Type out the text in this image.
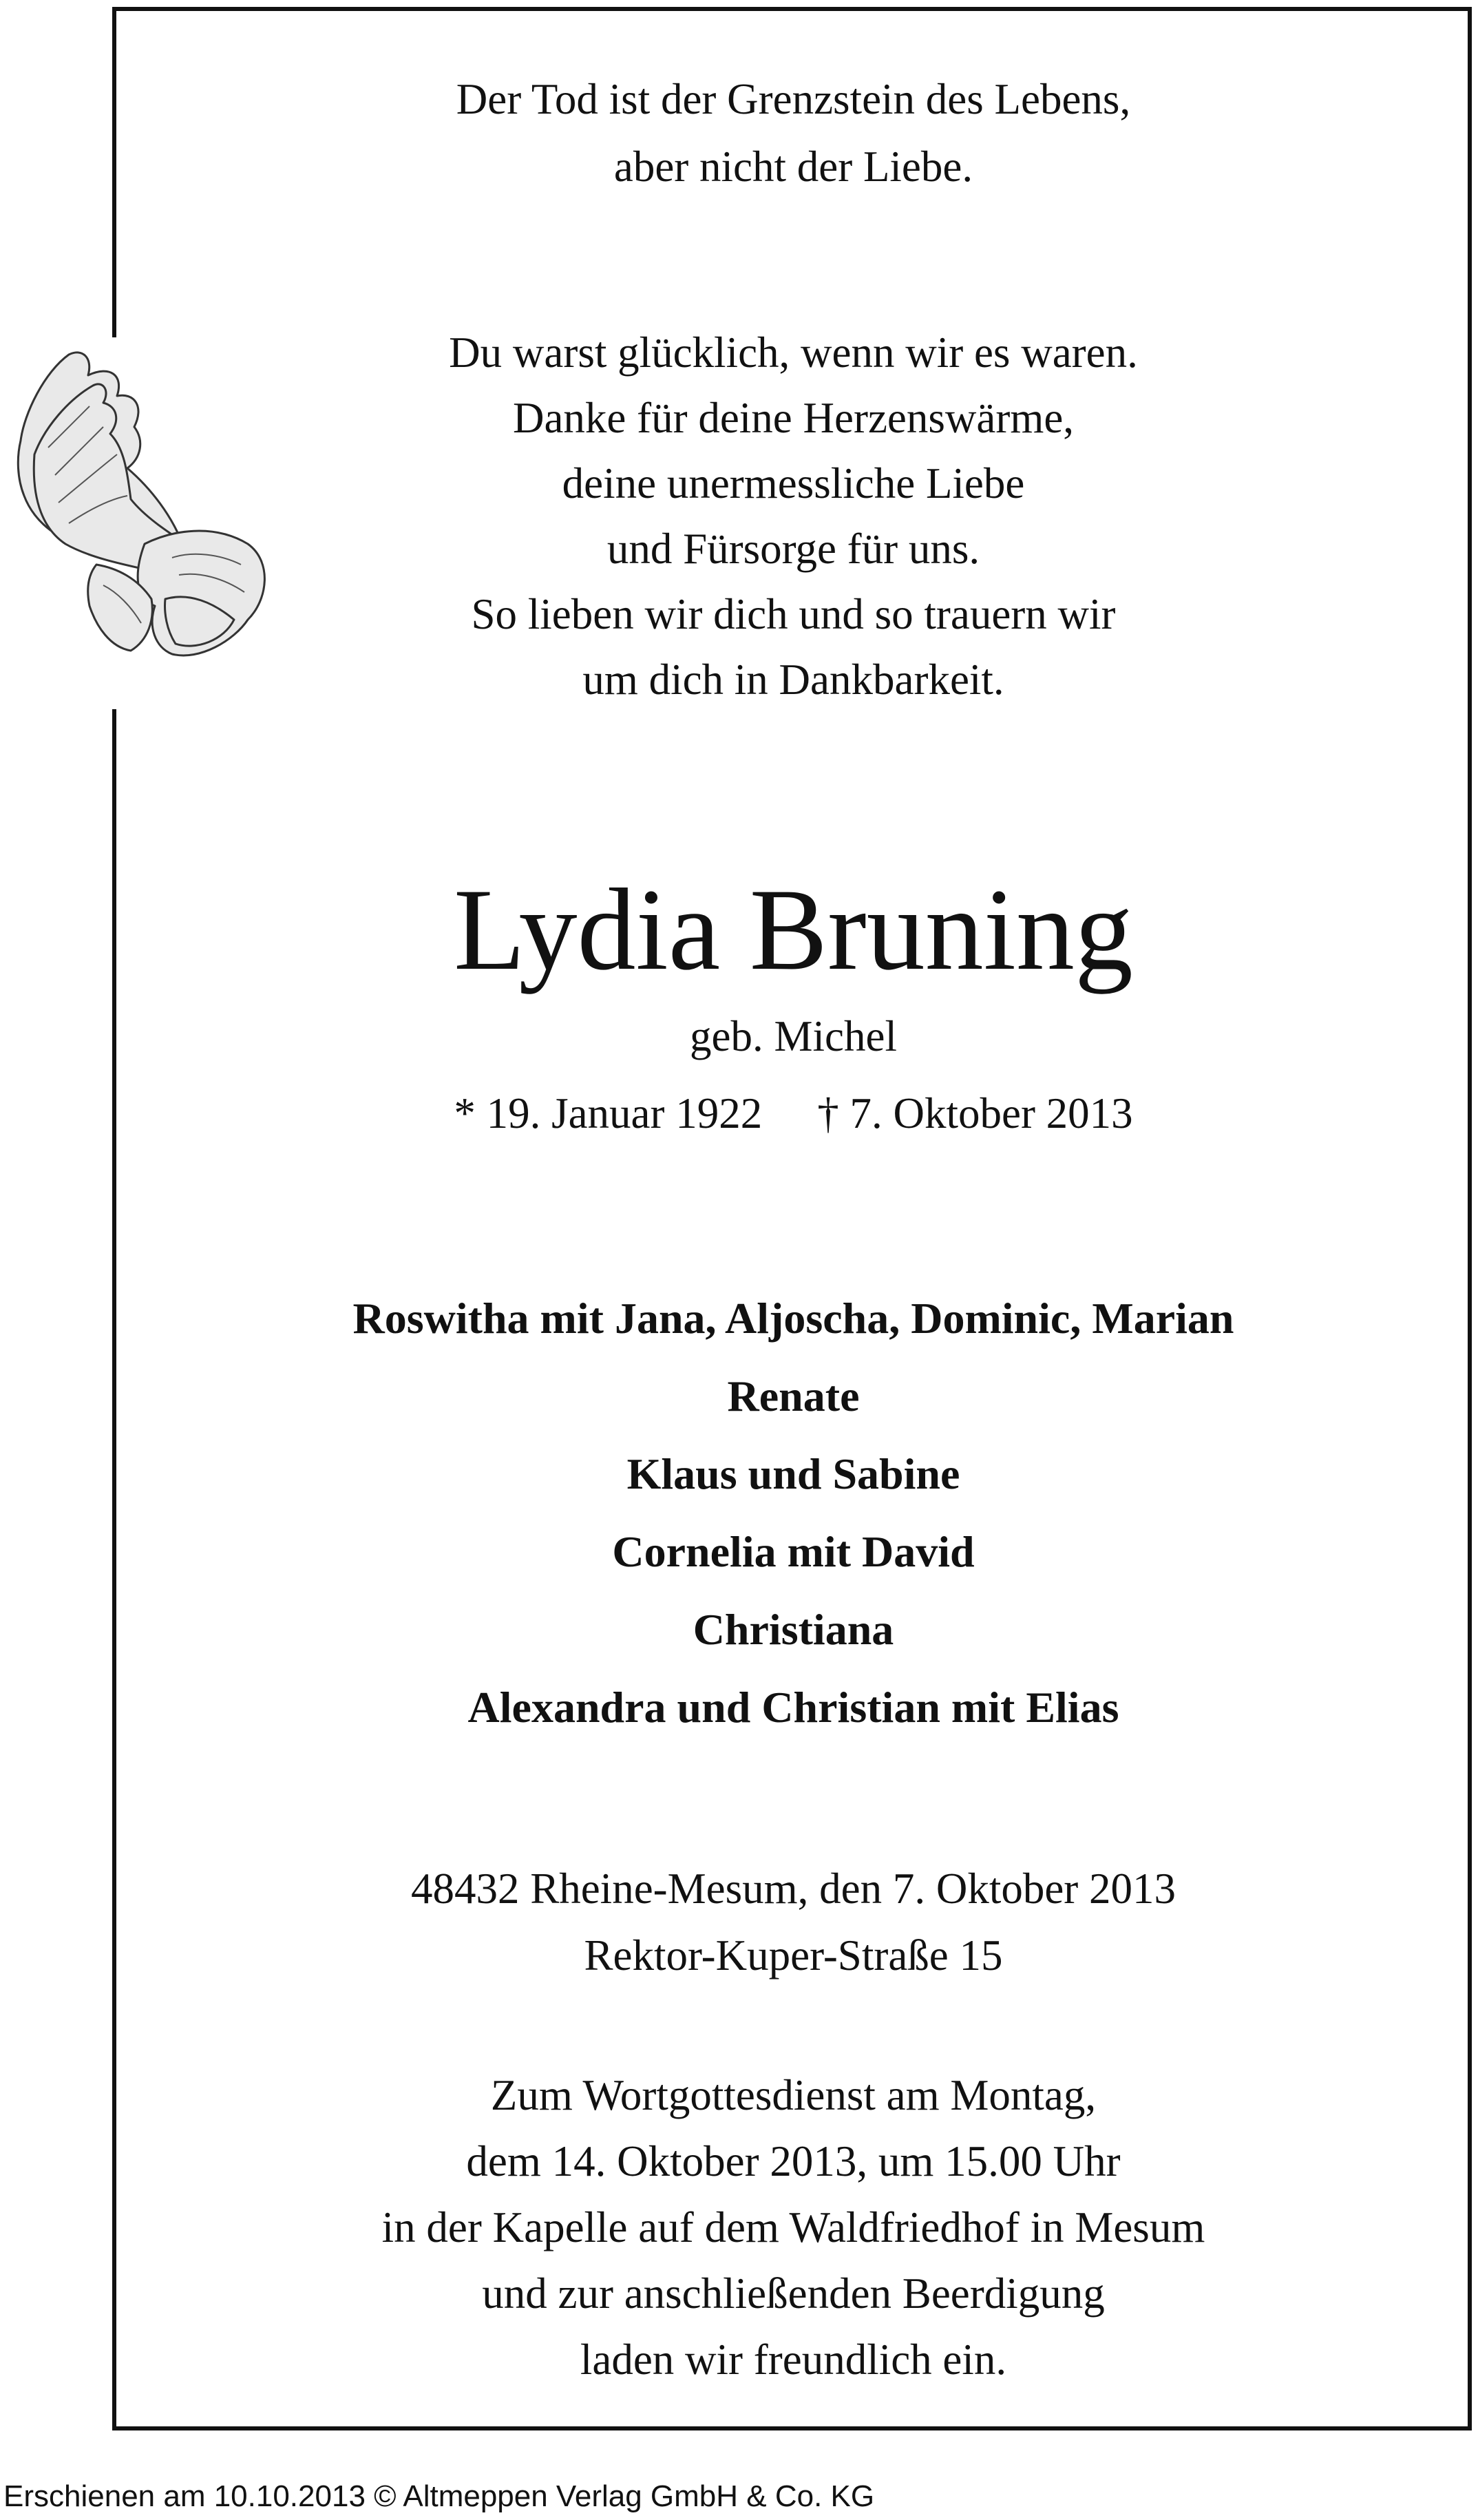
Der Tod ist der Grenzstein des Lebens,
aber nicht der Liebe.
Du warst glücklich, wenn wir es waren.
Danke für deine Herzenswärme,
deine unermessliche Liebe
und Fürsorge für uns.
So lieben wir dich und so trauern wir
um dich in Dankbarkeit.
Lydia Bruning
geb. Michel
* 19. Januar 1922 † 7. Oktober 2013
Roswitha mit Jana, Aljoscha, Dominic, Marian
Renate
Klaus und Sabine
Cornelia mit David
Christiana
Alexandra und Christian mit Elias
48432 Rheine-Mesum, den 7. Oktober 2013
Rektor-Kuper-Straße 15
Zum Wortgottesdienst am Montag,
dem 14. Oktober 2013, um 15.00 Uhr
in der Kapelle auf dem Waldfriedhof in Mesum
und zur anschließenden Beerdigung
laden wir freundlich ein.
Erschienen am 10.10.2013 © Altmeppen Verlag GmbH & Co. KG
